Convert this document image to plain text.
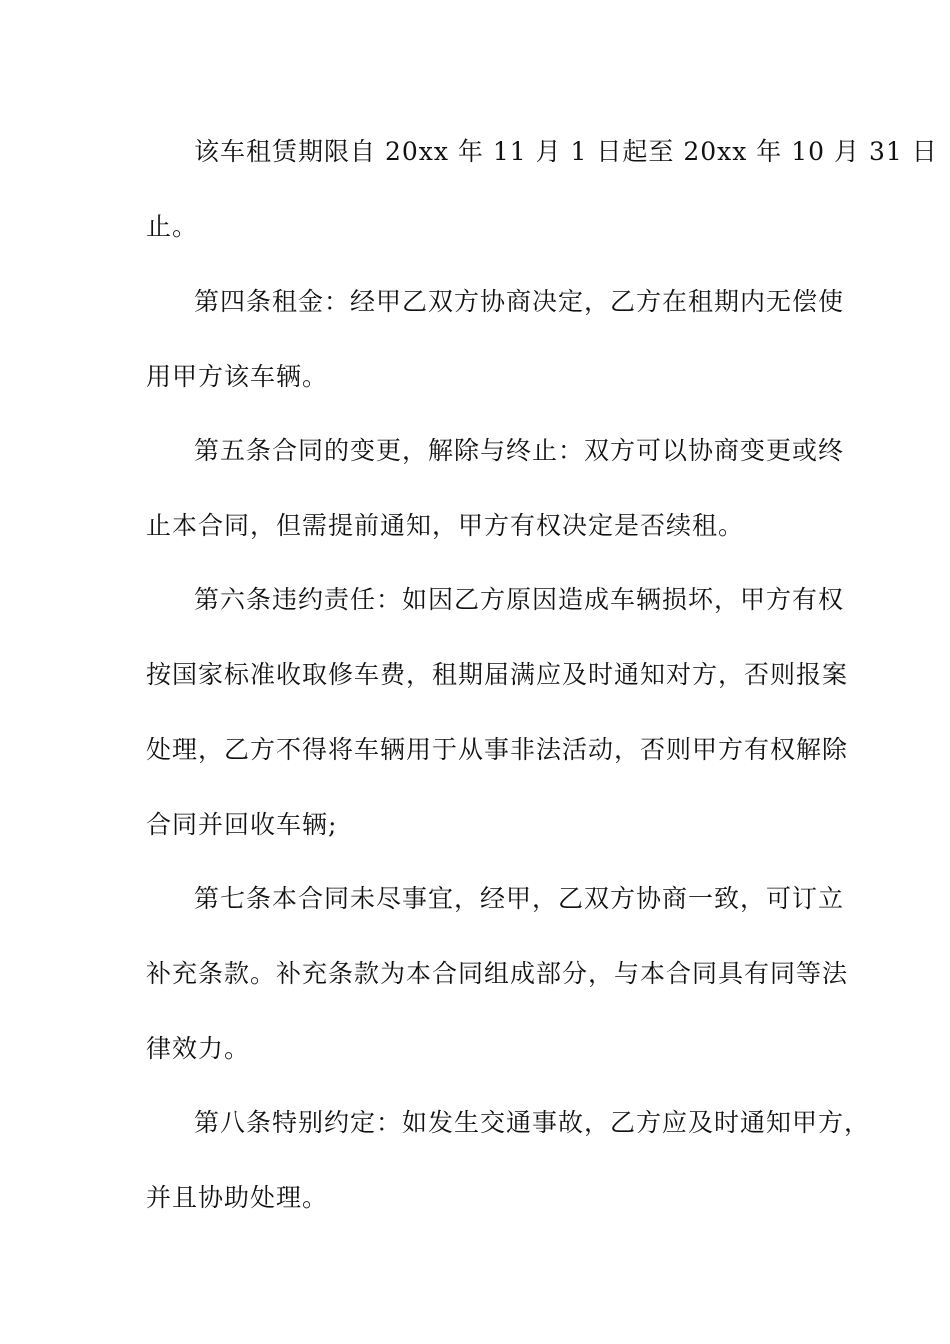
该车租赁期限自 20xx 年 11 月 1 日起至 20xx 年 10 月 31 日
止。
第四条租金：经甲乙双方协商决定，乙方在租期内无偿使
用甲方该车辆。
第五条合同的变更，解除与终止：双方可以协商变更或终
止本合同，但需提前通知，甲方有权决定是否续租。
第六条违约责任：如因乙方原因造成车辆损坏，甲方有权
按国家标准收取修车费，租期届满应及时通知对方，否则报案
处理，乙方不得将车辆用于从事非法活动，否则甲方有权解除
合同并回收车辆;
第七条本合同未尽事宜，经甲，乙双方协商一致，可订立
补充条款。补充条款为本合同组成部分，与本合同具有同等法
律效力。
第八条特别约定：如发生交通事故，乙方应及时通知甲方，
并且协助处理。
